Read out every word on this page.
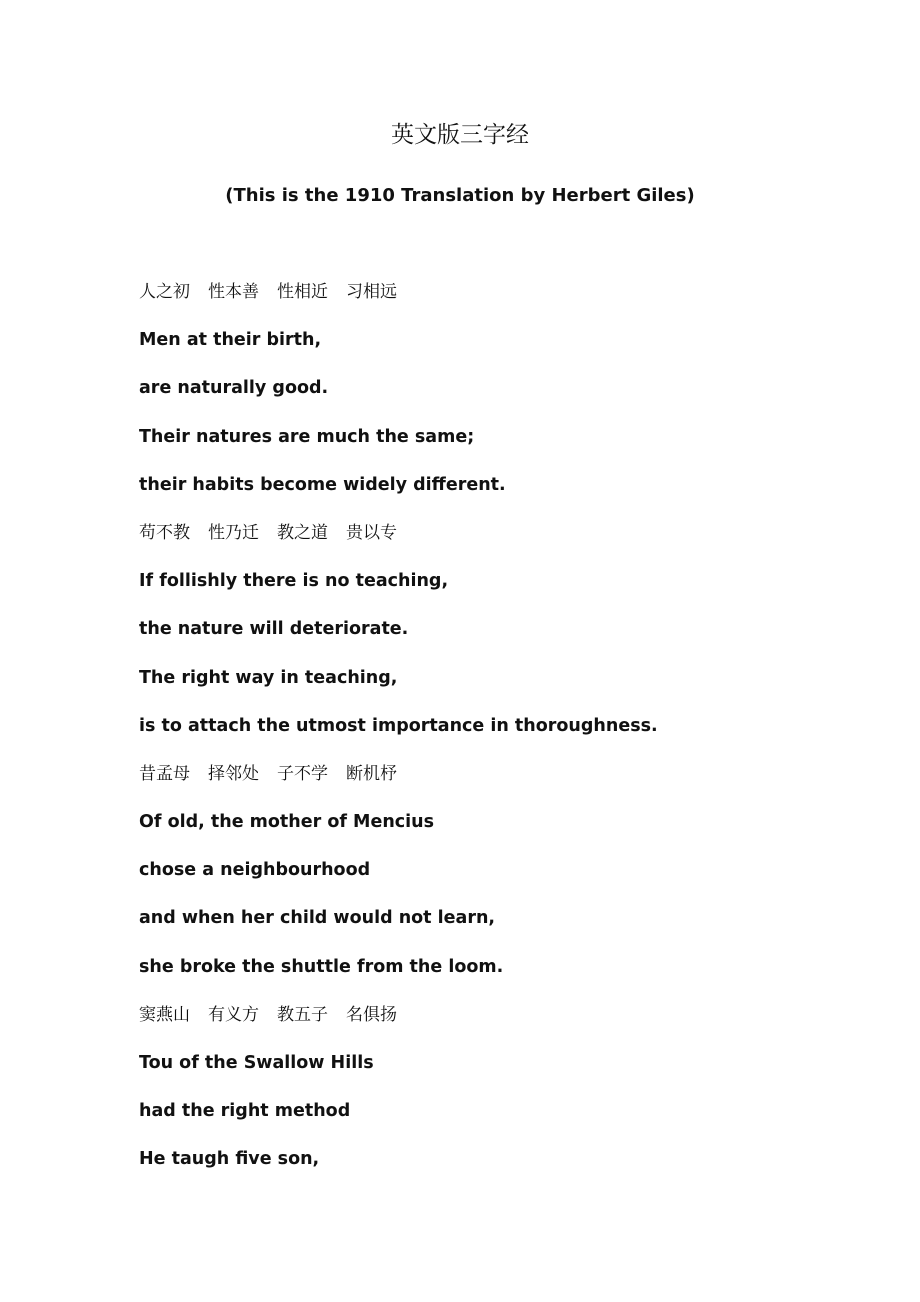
英文版三字经
(This is the 1910 Translation by Herbert Giles)
人之初 性本善 性相近 习相远
Men at their birth,
are naturally good.
Their natures are much the same;
their habits become widely different.
苟不教 性乃迁 教之道 贵以专
If follishly there is no teaching,
the nature will deteriorate.
The right way in teaching,
is to attach the utmost importance in thoroughness.
昔孟母 择邻处 子不学 断机杼
Of old, the mother of Mencius
chose a neighbourhood
and when her child would not learn,
she broke the shuttle from the loom.
窦燕山 有义方 教五子 名俱扬
Tou of the Swallow Hills
had the right method
He taugh five son,
